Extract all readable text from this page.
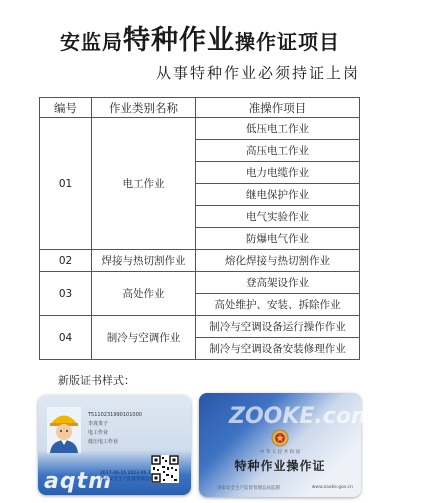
安监局特种作业操作证项目
从事特种作业必须持证上岗
编号	作业类别名称	准操作项目
01	电工作业	低压电工作业
		高压电工作业
		电力电缆作业
		继电保护作业
		电气实验作业
		防爆电气作业
02	焊接与热切割作业	熔化焊接与热切割作业
03	高处作业	登高架设作业
		高处维护、安装、拆除作业
04	制冷与空调作业	制冷与空调设备运行操作作业
		制冷与空调设备安装修理作业
新版证书样式：
T5110231990101000
李真贵子
电工作业
低压电工作业
aqtm
2017-06-16 2023-06-15
国家安全生产监督管理总局
ZOOKE.com 考客
中 华 人 民 共 和 国
特种作业操作证
国家安全生产监督管理总局监制	www.zooke.gov.cn
